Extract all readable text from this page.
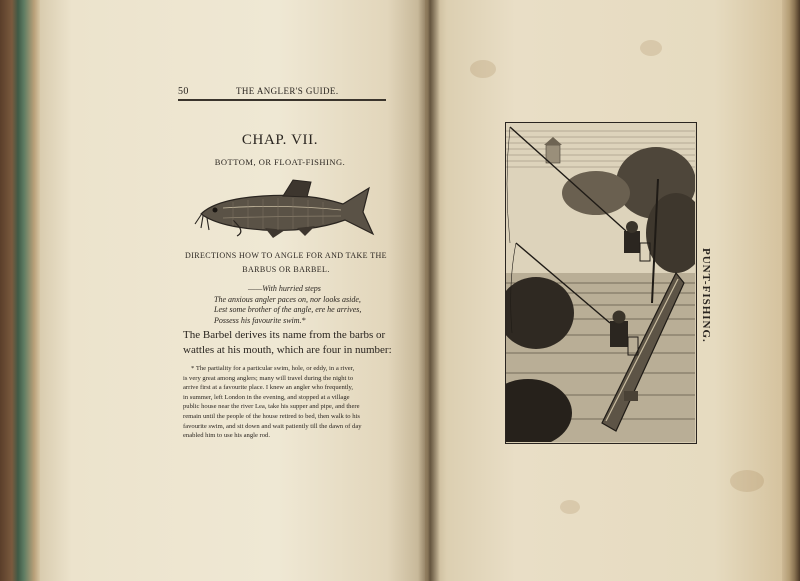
50	THE ANGLER'S GUIDE.
CHAP. VII.
BOTTOM, OR FLOAT-FISHING.
DIRECTIONS HOW TO ANGLE FOR AND TAKE THE
BARBUS OR BARBEL.
——With hurried steps
The anxious angler paces on, nor looks aside,
Lest some brother of the angle, ere he arrives,
Possess his favourite swim.*
The Barbel derives its name from the barbs or
wattles at his mouth, which are four in number:
* The partiality for a particular swim, hole, or eddy, in a river,
is very great among anglers; many will travel during the night to
arrive first at a favourite place. I knew an angler who frequently,
in summer, left London in the evening, and stopped at a village
public house near the river Lea, take his supper and pipe, and there
remain until the people of the house retired to bed, then walk to his
favourite swim, and sit down and wait patiently till the dawn of day
enabled him to use his angle rod.
PUNT-FISHING.
